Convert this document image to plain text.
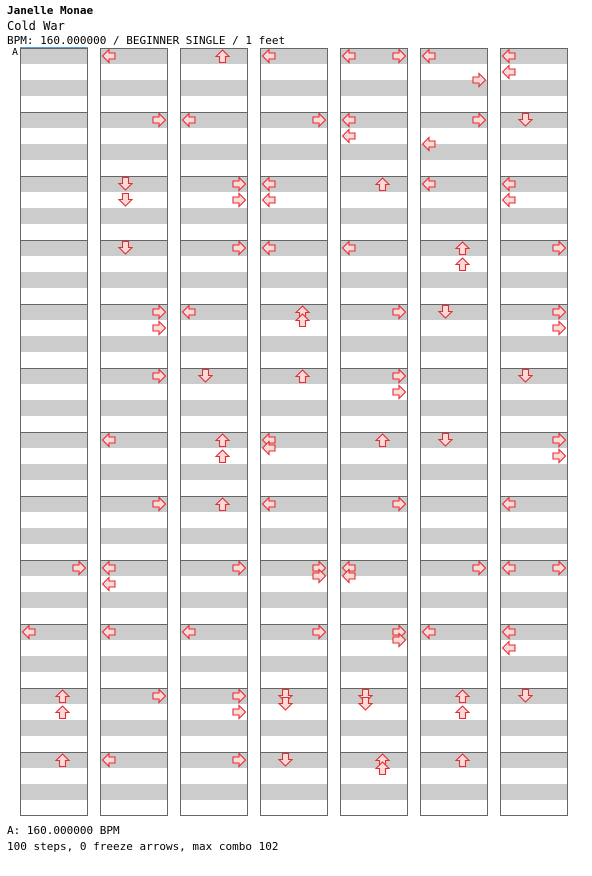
Janelle Monae
Cold War
BPM: 160.000000 / BEGINNER SINGLE / 1 feet
A
A: 160.000000 BPM
100 steps, 0 freeze arrows, max combo 102
